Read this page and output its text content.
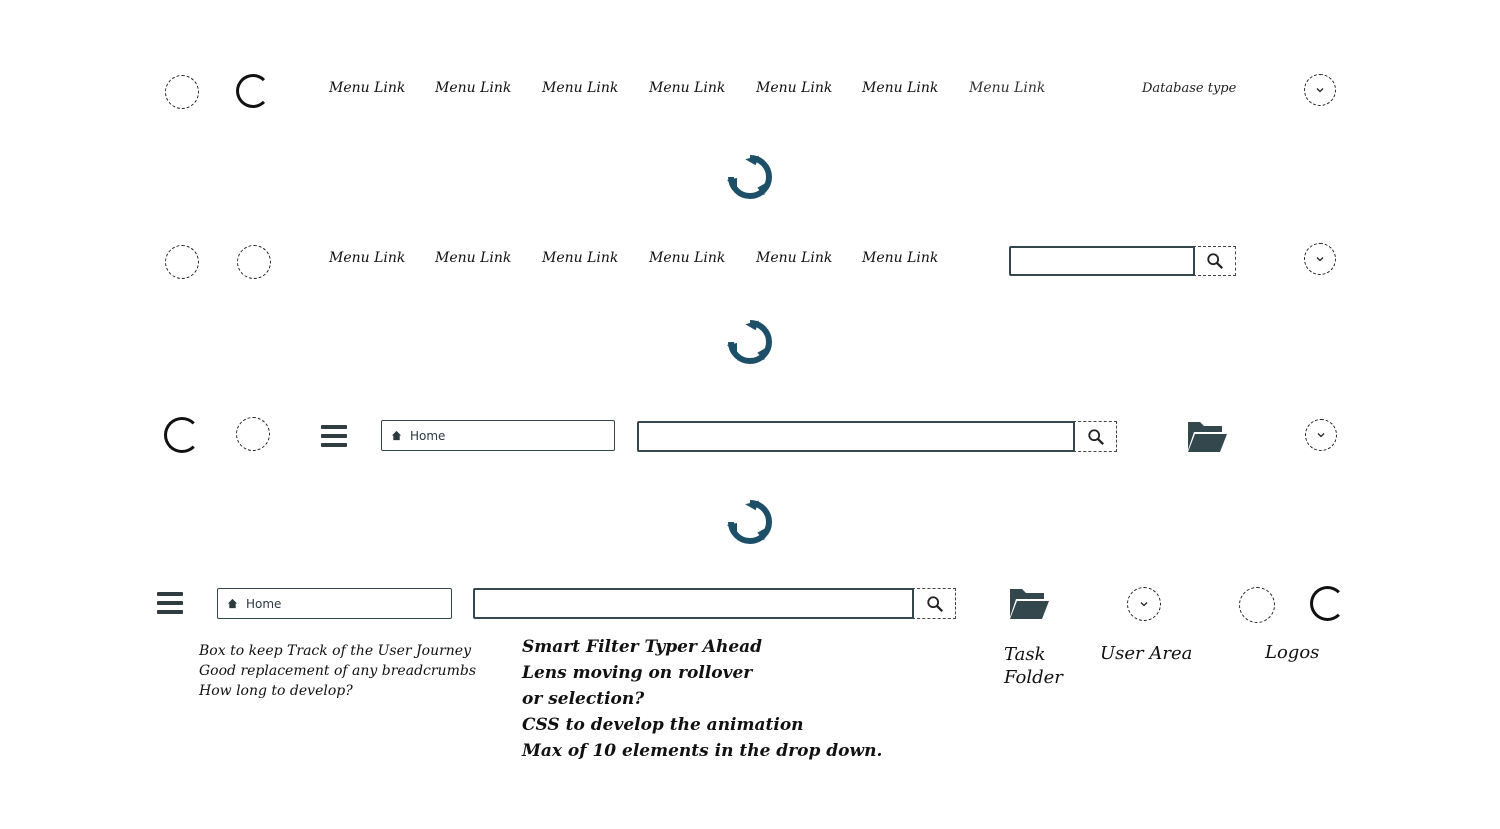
Menu Link Menu Link Menu Link Menu Link Menu Link Menu Link Menu Link	Database type
Menu Link Menu Link Menu Link Menu Link Menu Link Menu Link
Home
Home
Box to keep Track of the User Journey
Good replacement of any breadcrumbs
How long to develop?
Smart Filter Typer Ahead
Lens moving on rollover
or selection?
CSS to develop the animation
Max of 10 elements in the drop down.
Task
Folder
User Area	Logos
